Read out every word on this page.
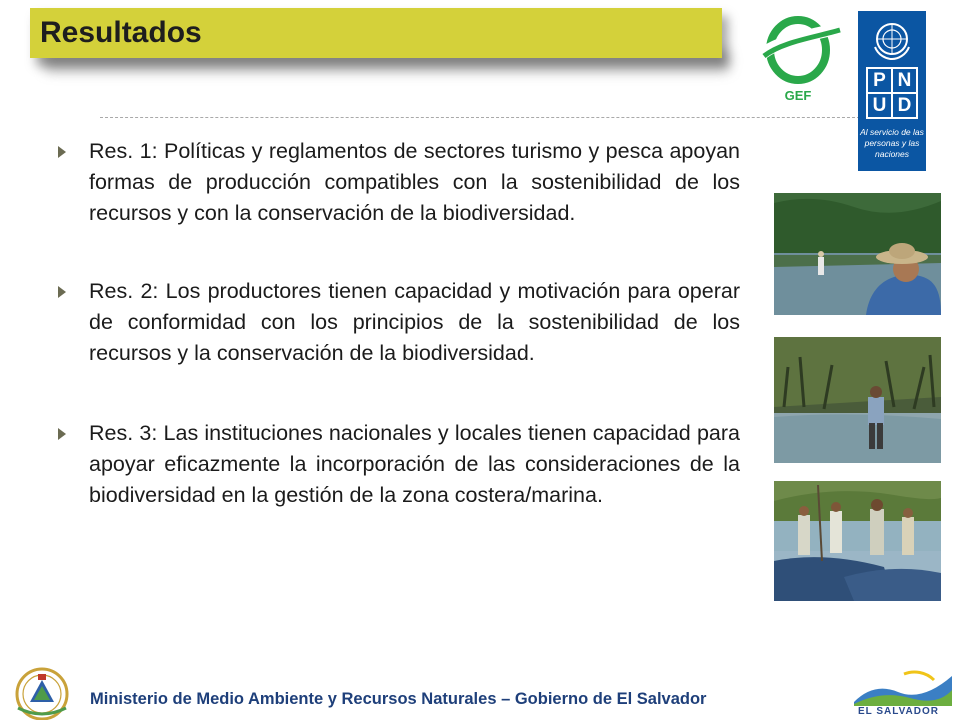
Resultados
GEF
P N
U D
Al servicio de las personas y las naciones
Res. 1: Políticas y reglamentos de sectores turismo y pesca apoyan formas de producción compatibles con la sostenibilidad de los recursos y con la conservación de la biodiversidad.
Res. 2: Los productores tienen capacidad y motivación para operar de conformidad con los principios de la sostenibilidad de los recursos y la conservación de la biodiversidad.
Res. 3: Las instituciones nacionales y locales tienen capacidad para apoyar eficazmente la incorporación de las consideraciones de la biodiversidad en la gestión de la zona costera/marina.
Ministerio de Medio Ambiente y Recursos Naturales – Gobierno de El Salvador
EL SALVADOR
